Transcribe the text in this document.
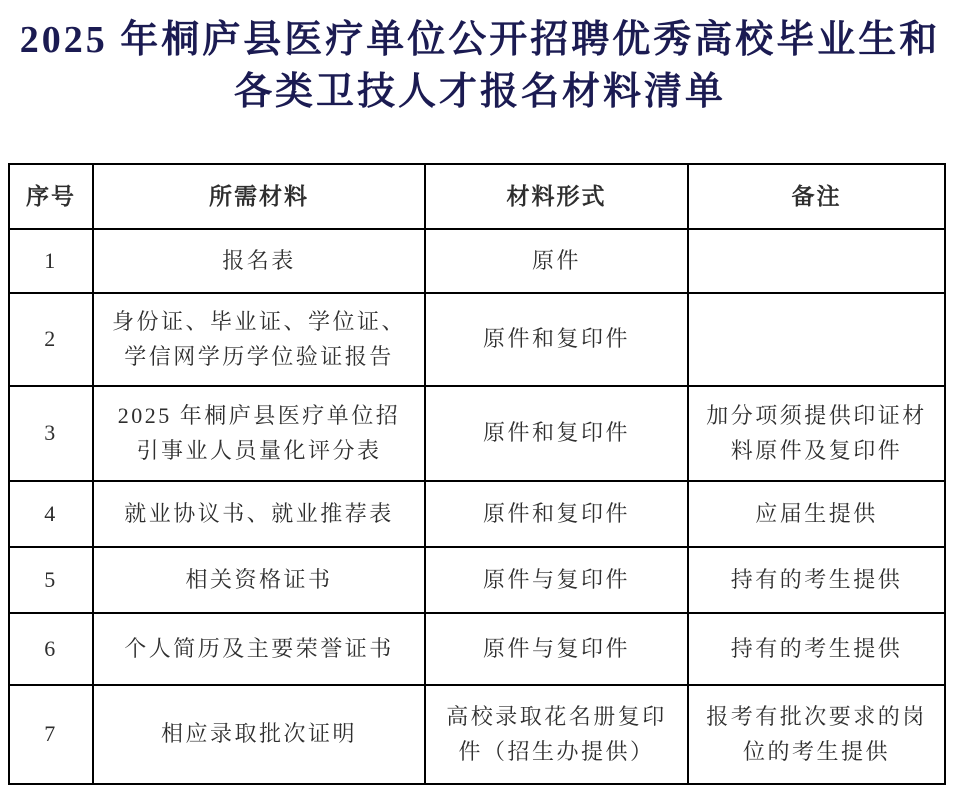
2025 年桐庐县医疗单位公开招聘优秀高校毕业生和
各类卫技人才报名材料清单
序号	所需材料	材料形式	备注
1	报名表	原件	
2	身份证、毕业证、学位证、学信网学历学位验证报告	原件和复印件	
3	2025 年桐庐县医疗单位招引事业人员量化评分表	原件和复印件	加分项须提供印证材料原件及复印件
4	就业协议书、就业推荐表	原件和复印件	应届生提供
5	相关资格证书	原件与复印件	持有的考生提供
6	个人简历及主要荣誉证书	原件与复印件	持有的考生提供
7	相应录取批次证明	高校录取花名册复印件（招生办提供）	报考有批次要求的岗位的考生提供
